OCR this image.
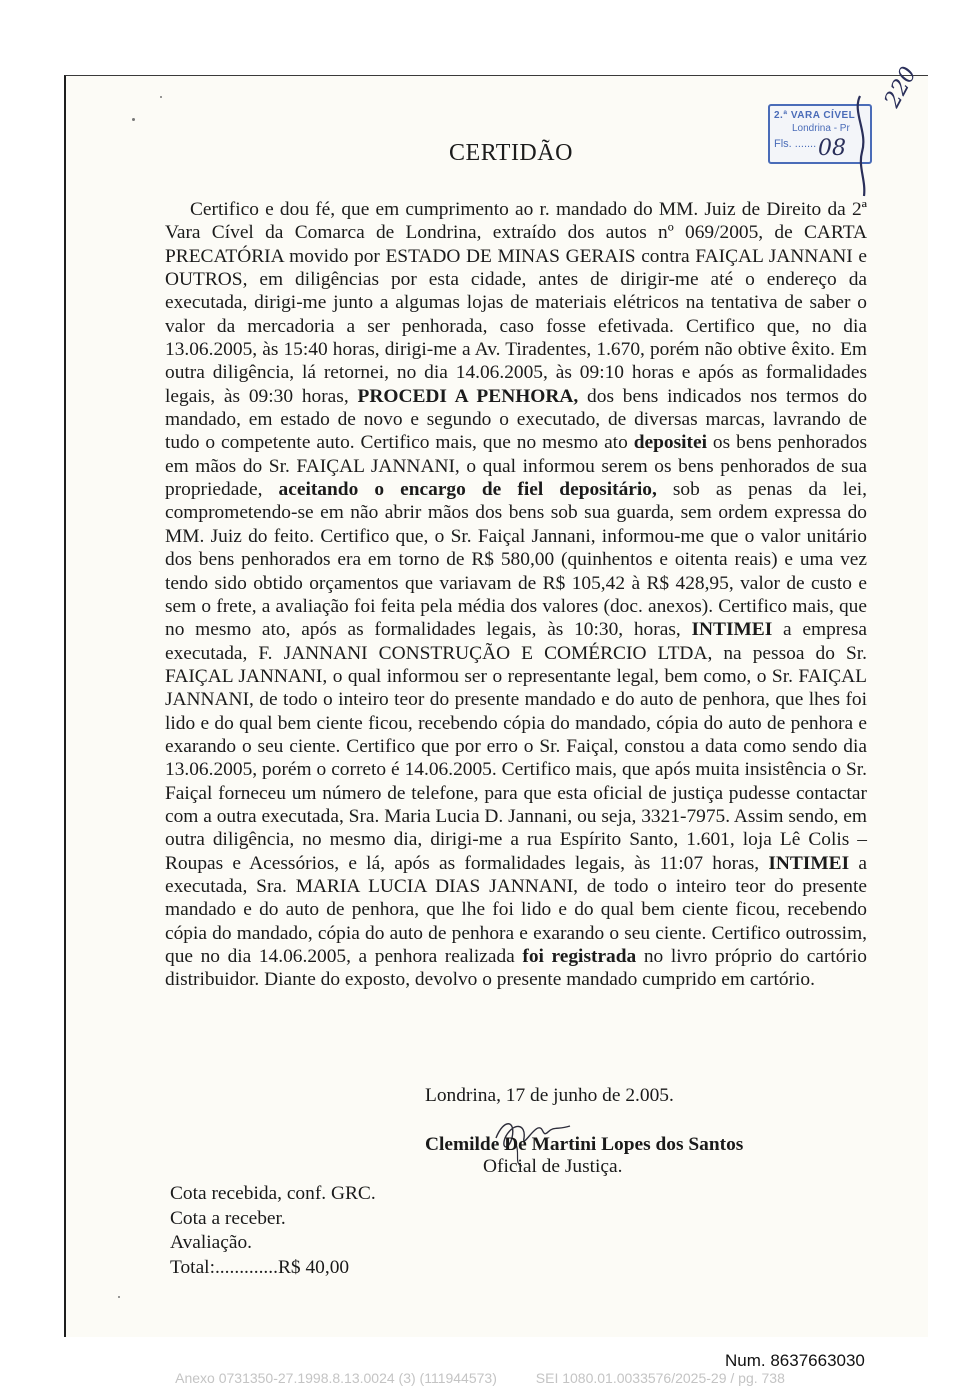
2.ª VARA CÍVEL
Londrina - Pr
Fls. ....... 08
220
CERTIDÃO
Certifico e dou fé, que em cumprimento ao r. mandado do MM. Juiz de Direito da 2ª Vara Cível da Comarca de Londrina, extraído dos autos nº 069/2005, de CARTA PRECATÓRIA movido por ESTADO DE MINAS GERAIS contra FAIÇAL JANNANI e OUTROS, em diligências por esta cidade, antes de dirigir-me até o endereço da executada, dirigi-me junto a algumas lojas de materiais elétricos na tentativa de saber o valor da mercadoria a ser penhorada, caso fosse efetivada. Certifico que, no dia 13.06.2005, às 15:40 horas, dirigi-me a Av. Tiradentes, 1.670, porém não obtive êxito. Em outra diligência, lá retornei, no dia 14.06.2005, às 09:10 horas e após as formalidades legais, às 09:30 horas, PROCEDI A PENHORA, dos bens indicados nos termos do mandado, em estado de novo e segundo o executado, de diversas marcas, lavrando de tudo o competente auto. Certifico mais, que no mesmo ato depositei os bens penhorados em mãos do Sr. FAIÇAL JANNANI, o qual informou serem os bens penhorados de sua propriedade, aceitando o encargo de fiel depositário, sob as penas da lei, comprometendo-se em não abrir mãos dos bens sob sua guarda, sem ordem expressa do MM. Juiz do feito. Certifico que, o Sr. Faiçal Jannani, informou-me que o valor unitário dos bens penhorados era em torno de R$ 580,00 (quinhentos e oitenta reais) e uma vez tendo sido obtido orçamentos que variavam de R$ 105,42 à R$ 428,95, valor de custo e sem o frete, a avaliação foi feita pela média dos valores (doc. anexos). Certifico mais, que no mesmo ato, após as formalidades legais, às 10:30, horas, INTIMEI a empresa executada, F. JANNANI CONSTRUÇÃO E COMÉRCIO LTDA, na pessoa do Sr. FAIÇAL JANNANI, o qual informou ser o representante legal, bem como, o Sr. FAIÇAL JANNANI, de todo o inteiro teor do presente mandado e do auto de penhora, que lhes foi lido e do qual bem ciente ficou, recebendo cópia do mandado, cópia do auto de penhora e exarando o seu ciente. Certifico que por erro o Sr. Faiçal, constou a data como sendo dia 13.06.2005, porém o correto é 14.06.2005. Certifico mais, que após muita insistência o Sr. Faiçal forneceu um número de telefone, para que esta oficial de justiça pudesse contactar com a outra executada, Sra. Maria Lucia D. Jannani, ou seja, 3321-7975. Assim sendo, em outra diligência, no mesmo dia, dirigi-me a rua Espírito Santo, 1.601, loja Lê Colis – Roupas e Acessórios, e lá, após as formalidades legais, às 11:07 horas, INTIMEI a executada, Sra. MARIA LUCIA DIAS JANNANI, de todo o inteiro teor do presente mandado e do auto de penhora, que lhe foi lido e do qual bem ciente ficou, recebendo cópia do mandado, cópia do auto de penhora e exarando o seu ciente. Certifico outrossim, que no dia 14.06.2005, a penhora realizada foi registrada no livro próprio do cartório distribuidor. Diante do exposto, devolvo o presente mandado cumprido em cartório.
Londrina, 17 de junho de 2.005.
Clemilde De Martini Lopes dos Santos
Oficial de Justiça.
Cota recebida, conf. GRC.
Cota a receber.
Avaliação.
Total:.............R$ 40,00
Num. 8637663030
Anexo 0731350-27.1998.8.13.0024 (3) (111944573)          SEI 1080.01.0033576/2025-29 / pg. 738
